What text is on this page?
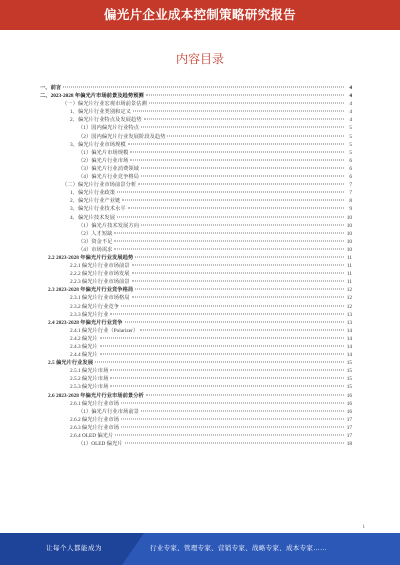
偏光片企业成本控制策略研究报告
内容目录
一、前言	4
二、2023-2028 年偏光片市场前景及趋势预测	4
（一）偏光片行业宏观市场前景估测	4
1、偏光片行业类别和定义	4
2、偏光片行业特点及发展趋势	4
（1）国内偏光片行业特点	5
（2）国内偏光片行业发展阶段及趋势	5
3、偏光片行业市场规模	5
（1）偏光片市场规模	5
（2）偏光片行业市场	6
（3）偏光片行业消费领域	6
（4）偏光片行业竞争格局	6
（二）偏光片行业市场前景分析	7
1、偏光片行业政策	7
2、偏光片行业产业链	8
3、偏光片行业技术水平	9
4、偏光片技术发展	10
（1）偏光片技术发展方向	10
（2）人才短缺	10
（3）资金不足	10
（4）市场需求	10
2.2 2023-2028 年偏光片行业发展趋势	11
2.2.1 偏光片行业市场前景	11
2.2.2 偏光片行业市场发展	11
2.2.3 偏光片行业市场前景	11
2.3 2023-2028 年偏光片行业竞争格局	12
2.3.1 偏光片行业市场格局	12
2.3.2 偏光片行业竞争	12
2.3.3 偏光片行业	13
2.4 2023-2028 年偏光片行业竞争	13
2.4.1 偏光片行业（Polarizer）	14
2.4.2 偏光片	14
2.4.3 偏光片	14
2.4.4 偏光片	14
2.5 偏光片行业发展	15
2.5.1 偏光片市场	15
2.5.2 偏光片市场	15
2.5.3 偏光片市场	15
2.6 2023-2028 年偏光片行业市场前景分析	16
2.6.1 偏光片行业市场	16
（1）偏光片行业市场前景	16
2.6.2 偏光片行业市场	17
2.6.3 偏光片行业市场	17
2.6.4 OLED 偏光片	17
（1）OLED 偏光片	18
1
让每个人都能成为	行业专家、管理专家、营销专家、战略专家、成本专家……
